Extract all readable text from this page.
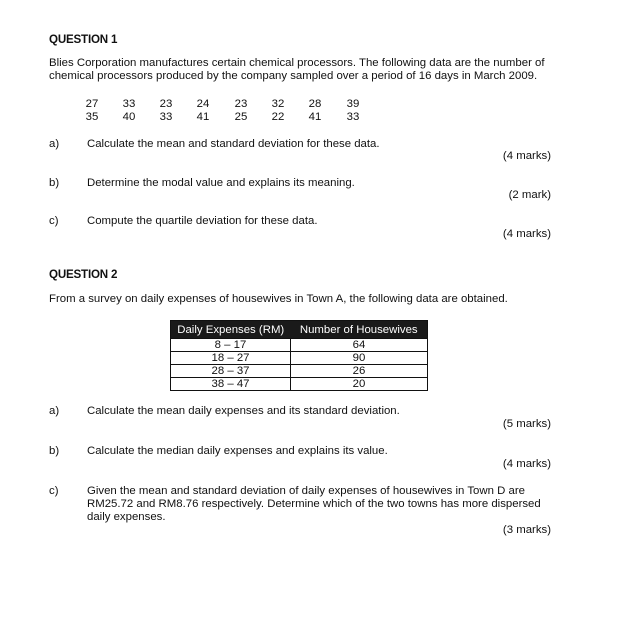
QUESTION 1
Blies Corporation manufactures certain chemical processors. The following data are the number of
chemical processors produced by the company sampled over a period of 16 days in March 2009.
27	33	23	24	23	32	28	39
35	40	33	41	25	22	41	33
a)	Calculate the mean and standard deviation for these data.
(4 marks)
b)	Determine the modal value and explains its meaning.
(2 mark)
c)	Compute the quartile deviation for these data.
(4 marks)
QUESTION 2
From a survey on daily expenses of housewives in Town A, the following data are obtained.
Daily Expenses (RM)	Number of Housewives
8 – 17	64
18 – 27	90
28 – 37	26
38 – 47	20
a)	Calculate the mean daily expenses and its standard deviation.
(5 marks)
b)	Calculate the median daily expenses and explains its value.
(4 marks)
c)	Given the mean and standard deviation of daily expenses of housewives in Town D are
RM25.72 and RM8.76 respectively. Determine which of the two towns has more dispersed
daily expenses.
(3 marks)
